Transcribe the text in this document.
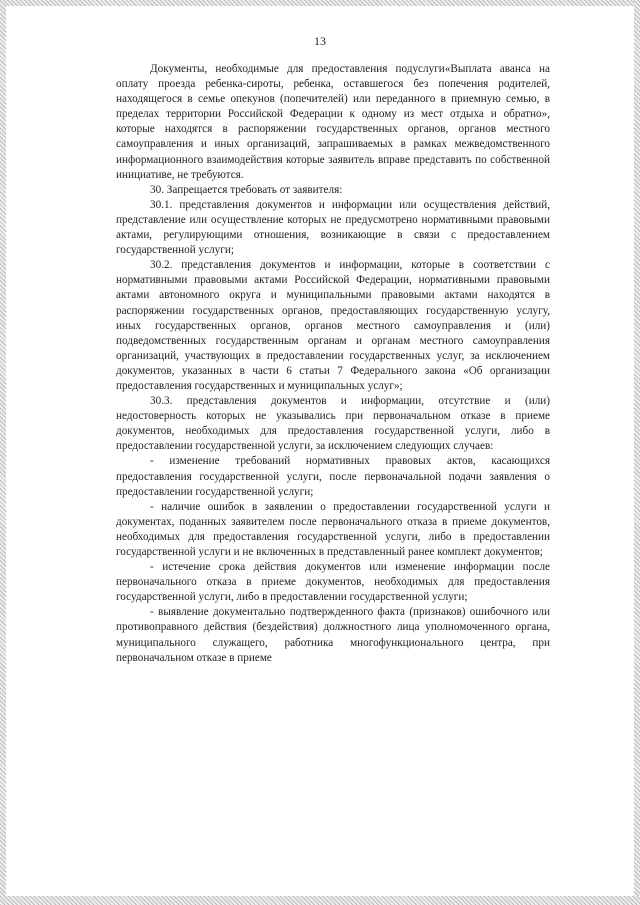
13

Документы, необходимые для предоставления подуслуги«Выплата аванса на оплату проезда ребенка-сироты, ребенка, оставшегося без попечения родителей, находящегося в семье опекунов (попечителей) или переданного в приемную семью, в пределах территории Российской Федерации к одному из мест отдыха и обратно», которые находятся в распоряжении государственных органов, органов местного самоуправления и иных организаций, запрашиваемых в рамках межведомственного информационного взаимодействия которые заявитель вправе представить по собственной инициативе, не требуются.

30. Запрещается требовать от заявителя:

30.1. представления документов и информации или осуществления действий, представление или осуществление которых не предусмотрено нормативными правовыми актами, регулирующими отношения, возникающие в связи с предоставлением государственной услуги;

30.2. представления документов и информации, которые в соответствии с нормативными правовыми актами Российской Федерации, нормативными правовыми актами автономного округа и муниципальными правовыми актами находятся в распоряжении государственных органов, предоставляющих государственную услугу, иных государственных органов, органов местного самоуправления и (или) подведомственных государственным органам и органам местного самоуправления организаций, участвующих в предоставлении государственных услуг, за исключением документов, указанных в части 6 статьи 7 Федерального закона «Об организации предоставления государственных и муниципальных услуг»;

30.3. представления документов и информации, отсутствие и (или) недостоверность которых не указывались при первоначальном отказе в приеме документов, необходимых для предоставления государственной услуги, либо в предоставлении государственной услуги, за исключением следующих случаев:

- изменение требований нормативных правовых актов, касающихся предоставления государственной услуги, после первоначальной подачи заявления о предоставлении государственной услуги;

- наличие ошибок в заявлении о предоставлении государственной услуги и документах, поданных заявителем после первоначального отказа в приеме документов, необходимых для предоставления государственной услуги, либо в предоставлении государственной услуги и не включенных в представленный ранее комплект документов;

- истечение срока действия документов или изменение информации после первоначального отказа в приеме документов, необходимых для предоставления государственной услуги, либо в предоставлении государственной услуги;

- выявление документально подтвержденного факта (признаков) ошибочного или противоправного действия (бездействия) должностного лица уполномоченного органа, муниципального служащего, работника многофункционального центра, при первоначальном отказе в приеме
